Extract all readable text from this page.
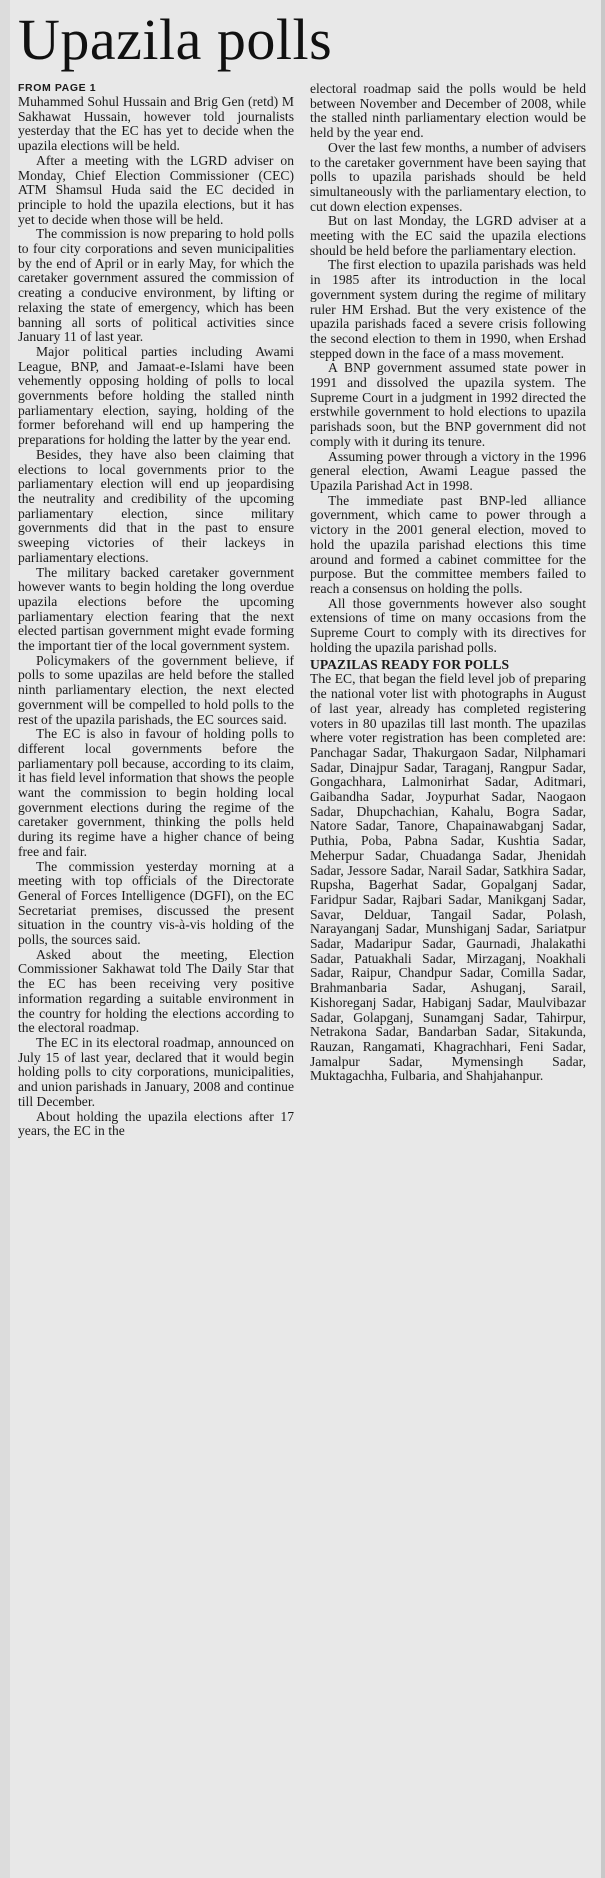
Upazila polls
FROM PAGE 1

Muhammed Sohul Hussain and Brig Gen (retd) M Sakhawat Hussain, however told journalists yesterday that the EC has yet to decide when the upazila elections will be held.

After a meeting with the LGRD adviser on Monday, Chief Election Commissioner (CEC) ATM Shamsul Huda said the EC decided in principle to hold the upazila elections, but it has yet to decide when those will be held.

The commission is now preparing to hold polls to four city corporations and seven municipalities by the end of April or in early May, for which the caretaker government assured the commission of creating a conducive environment, by lifting or relaxing the state of emergency, which has been banning all sorts of political activities since January 11 of last year.

Major political parties including Awami League, BNP, and Jamaat-e-Islami have been vehemently opposing holding of polls to local governments before holding the stalled ninth parliamentary election, saying, holding of the former beforehand will end up hampering the preparations for holding the latter by the year end.

Besides, they have also been claiming that elections to local governments prior to the parliamentary election will end up jeopardising the neutrality and credibility of the upcoming parliamentary election, since military governments did that in the past to ensure sweeping victories of their lackeys in parliamentary elections.

The military backed caretaker government however wants to begin holding the long overdue upazila elections before the upcoming parliamentary election fearing that the next elected partisan government might evade forming the important tier of the local government system.

Policymakers of the government believe, if polls to some upazilas are held before the stalled ninth parliamentary election, the next elected government will be compelled to hold polls to the rest of the upazila parishads, the EC sources said.

The EC is also in favour of holding polls to different local governments before the parliamentary poll because, according to its claim, it has field level information that shows the people want the commission to begin holding local government elections during the regime of the caretaker government, thinking the polls held during its regime have a higher chance of being free and fair.

The commission yesterday morning at a meeting with top officials of the Directorate General of Forces Intelligence (DGFI), on the EC Secretariat premises, discussed the present situation in the country vis-à-vis holding of the polls, the sources said.

Asked about the meeting, Election Commissioner Sakhawat told The Daily Star that the EC has been receiving very positive information regarding a suitable environment in the country for holding the elections according to the electoral roadmap.

The EC in its electoral roadmap, announced on July 15 of last year, declared that it would begin holding polls to city corporations, municipalities, and union parishads in January, 2008 and continue till December.

About holding the upazila elections after 17 years, the EC in the

electoral roadmap said the polls would be held between November and December of 2008, while the stalled ninth parliamentary election would be held by the year end.

Over the last few months, a number of advisers to the caretaker government have been saying that polls to upazila parishads should be held simultaneously with the parliamentary election, to cut down election expenses.

But on last Monday, the LGRD adviser at a meeting with the EC said the upazila elections should be held before the parliamentary election.

The first election to upazila parishads was held in 1985 after its introduction in the local government system during the regime of military ruler HM Ershad. But the very existence of the upazila parishads faced a severe crisis following the second election to them in 1990, when Ershad stepped down in the face of a mass movement.

A BNP government assumed state power in 1991 and dissolved the upazila system. The Supreme Court in a judgment in 1992 directed the erstwhile government to hold elections to upazila parishads soon, but the BNP government did not comply with it during its tenure.

Assuming power through a victory in the 1996 general election, Awami League passed the Upazila Parishad Act in 1998.

The immediate past BNP-led alliance government, which came to power through a victory in the 2001 general election, moved to hold the upazila parishad elections this time around and formed a cabinet committee for the purpose. But the committee members failed to reach a consensus on holding the polls.

All those governments however also sought extensions of time on many occasions from the Supreme Court to comply with its directives for holding the upazila parishad polls.

UPAZILAS READY FOR POLLS

The EC, that began the field level job of preparing the national voter list with photographs in August of last year, already has completed registering voters in 80 upazilas till last month. The upazilas where voter registration has been completed are: Panchagar Sadar, Thakurgaon Sadar, Nilphamari Sadar, Dinajpur Sadar, Taraganj, Rangpur Sadar, Gongachhara, Lalmonirhat Sadar, Aditmari, Gaibandha Sadar, Joypurhat Sadar, Naogaon Sadar, Dhupchachian, Kahalu, Bogra Sadar, Natore Sadar, Tanore, Chapainawabganj Sadar, Puthia, Poba, Pabna Sadar, Kushtia Sadar, Meherpur Sadar, Chuadanga Sadar, Jhenidah Sadar, Jessore Sadar, Narail Sadar, Satkhira Sadar, Rupsha, Bagerhat Sadar, Gopalganj Sadar, Faridpur Sadar, Rajbari Sadar, Manikganj Sadar, Savar, Delduar, Tangail Sadar, Polash, Narayanganj Sadar, Munshiganj Sadar, Sariatpur Sadar, Madaripur Sadar, Gaurnadi, Jhalakathi Sadar, Patuakhali Sadar, Mirzaganj, Noakhali Sadar, Raipur, Chandpur Sadar, Comilla Sadar, Brahmanbaria Sadar, Ashuganj, Sarail, Kishoreganj Sadar, Habiganj Sadar, Maulvibazar Sadar, Golapganj, Sunamganj Sadar, Tahirpur, Netrakona Sadar, Bandarban Sadar, Sitakunda, Rauzan, Rangamati, Khagrachhari, Feni Sadar, Jamalpur Sadar, Mymensingh Sadar, Muktagachha, Fulbaria, and Shahjahanpur.
